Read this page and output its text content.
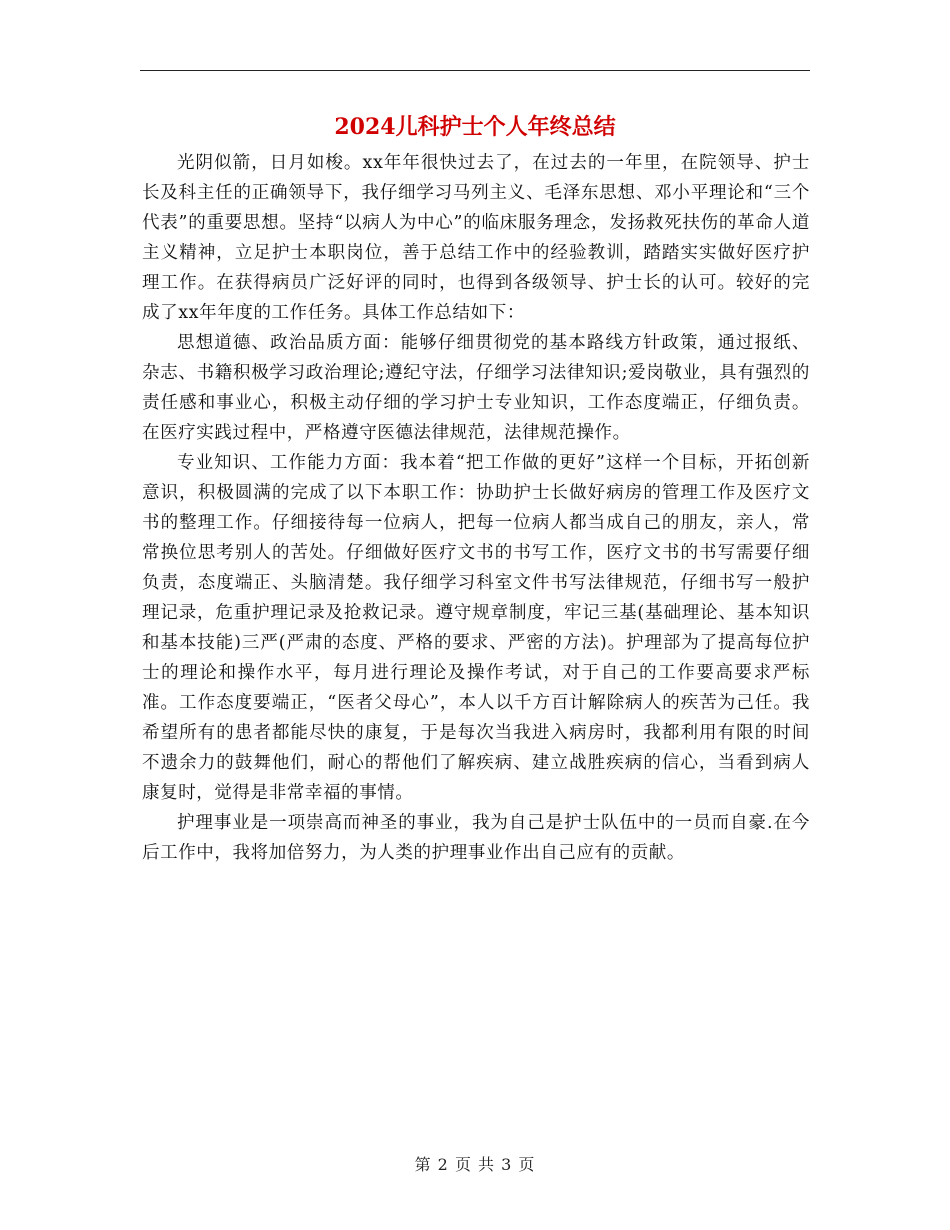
2024儿科护士个人年终总结

光阴似箭，日月如梭。xx年年很快过去了，在过去的一年里，在院领导、护士长及科主任的正确领导下，我仔细学习马列主义、毛泽东思想、邓小平理论和“三个代表”的重要思想。坚持“以病人为中心”的临床服务理念，发扬救死扶伤的革命人道主义精神，立足护士本职岗位，善于总结工作中的经验教训，踏踏实实做好医疗护理工作。在获得病员广泛好评的同时，也得到各级领导、护士长的认可。较好的完成了xx年年度的工作任务。具体工作总结如下：

思想道德、政治品质方面：能够仔细贯彻党的基本路线方针政策，通过报纸、杂志、书籍积极学习政治理论;遵纪守法，仔细学习法律知识;爱岗敬业，具有强烈的责任感和事业心，积极主动仔细的学习护士专业知识，工作态度端正，仔细负责。在医疗实践过程中，严格遵守医德法律规范，法律规范操作。

专业知识、工作能力方面：我本着“把工作做的更好”这样一个目标，开拓创新意识，积极圆满的完成了以下本职工作：协助护士长做好病房的管理工作及医疗文书的整理工作。仔细接待每一位病人，把每一位病人都当成自己的朋友，亲人，常常换位思考别人的苦处。仔细做好医疗文书的书写工作，医疗文书的书写需要仔细负责，态度端正、头脑清楚。我仔细学习科室文件书写法律规范，仔细书写一般护理记录，危重护理记录及抢救记录。遵守规章制度，牢记三基(基础理论、基本知识和基本技能)三严(严肃的态度、严格的要求、严密的方法)。护理部为了提高每位护士的理论和操作水平，每月进行理论及操作考试，对于自己的工作要高要求严标准。工作态度要端正，“医者父母心”，本人以千方百计解除病人的疾苦为己任。我希望所有的患者都能尽快的康复，于是每次当我进入病房时，我都利用有限的时间不遗余力的鼓舞他们，耐心的帮他们了解疾病、建立战胜疾病的信心，当看到病人康复时，觉得是非常幸福的事情。

护理事业是一项崇高而神圣的事业，我为自己是护士队伍中的一员而自豪.在今后工作中，我将加倍努力，为人类的护理事业作出自己应有的贡献。

第 2 页 共 3 页
